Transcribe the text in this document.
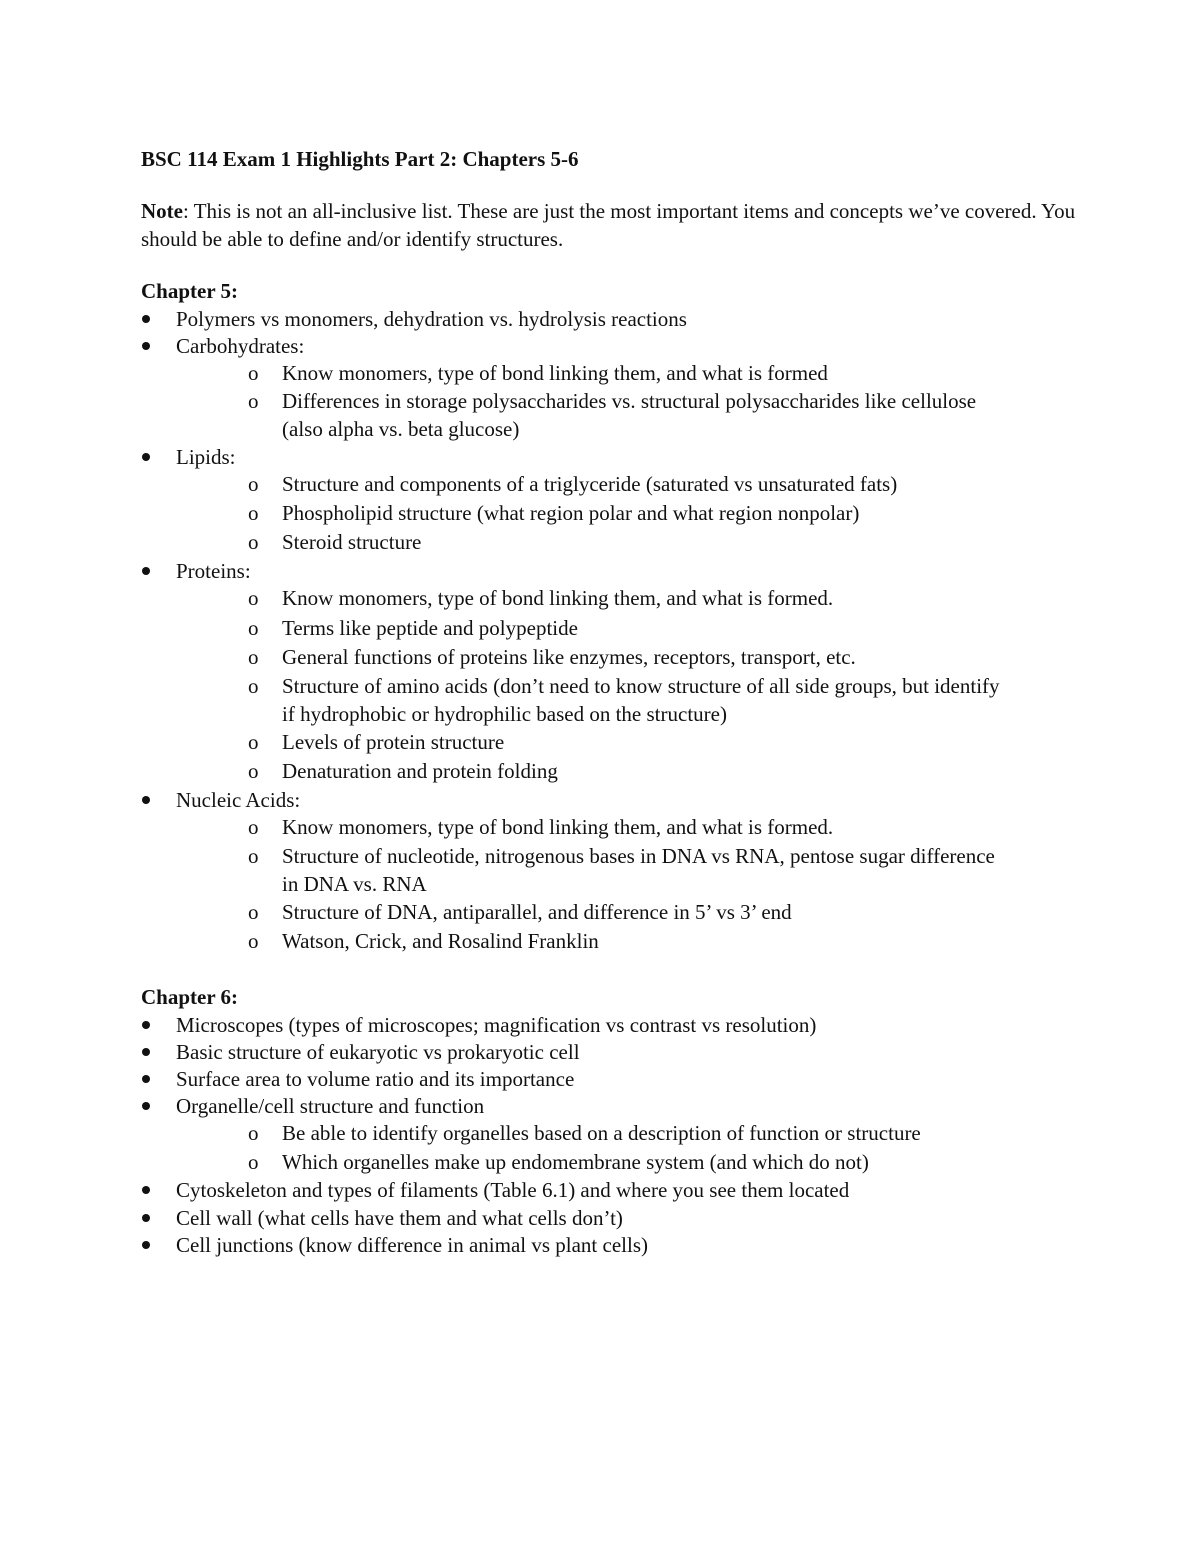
BSC 114 Exam 1 Highlights Part 2: Chapters 5-6
Note: This is not an all-inclusive list. These are just the most important items and concepts we’ve covered. You should be able to define and/or identify structures.
Chapter 5:
Polymers vs monomers, dehydration vs. hydrolysis reactions
Carbohydrates:
o Know monomers, type of bond linking them, and what is formed
o Differences in storage polysaccharides vs. structural polysaccharides like cellulose (also alpha vs. beta glucose)
Lipids:
o Structure and components of a triglyceride (saturated vs unsaturated fats)
o Phospholipid structure (what region polar and what region nonpolar)
o Steroid structure
Proteins:
o Know monomers, type of bond linking them, and what is formed.
o Terms like peptide and polypeptide
o General functions of proteins like enzymes, receptors, transport, etc.
o Structure of amino acids (don’t need to know structure of all side groups, but identify if hydrophobic or hydrophilic based on the structure)
o Levels of protein structure
o Denaturation and protein folding
Nucleic Acids:
o Know monomers, type of bond linking them, and what is formed.
o Structure of nucleotide, nitrogenous bases in DNA vs RNA, pentose sugar difference in DNA vs. RNA
o Structure of DNA, antiparallel, and difference in 5’ vs 3’ end
o Watson, Crick, and Rosalind Franklin
Chapter 6:
Microscopes (types of microscopes; magnification vs contrast vs resolution)
Basic structure of eukaryotic vs prokaryotic cell
Surface area to volume ratio and its importance
Organelle/cell structure and function
o Be able to identify organelles based on a description of function or structure
o Which organelles make up endomembrane system (and which do not)
Cytoskeleton and types of filaments (Table 6.1) and where you see them located
Cell wall (what cells have them and what cells don’t)
Cell junctions (know difference in animal vs plant cells)
